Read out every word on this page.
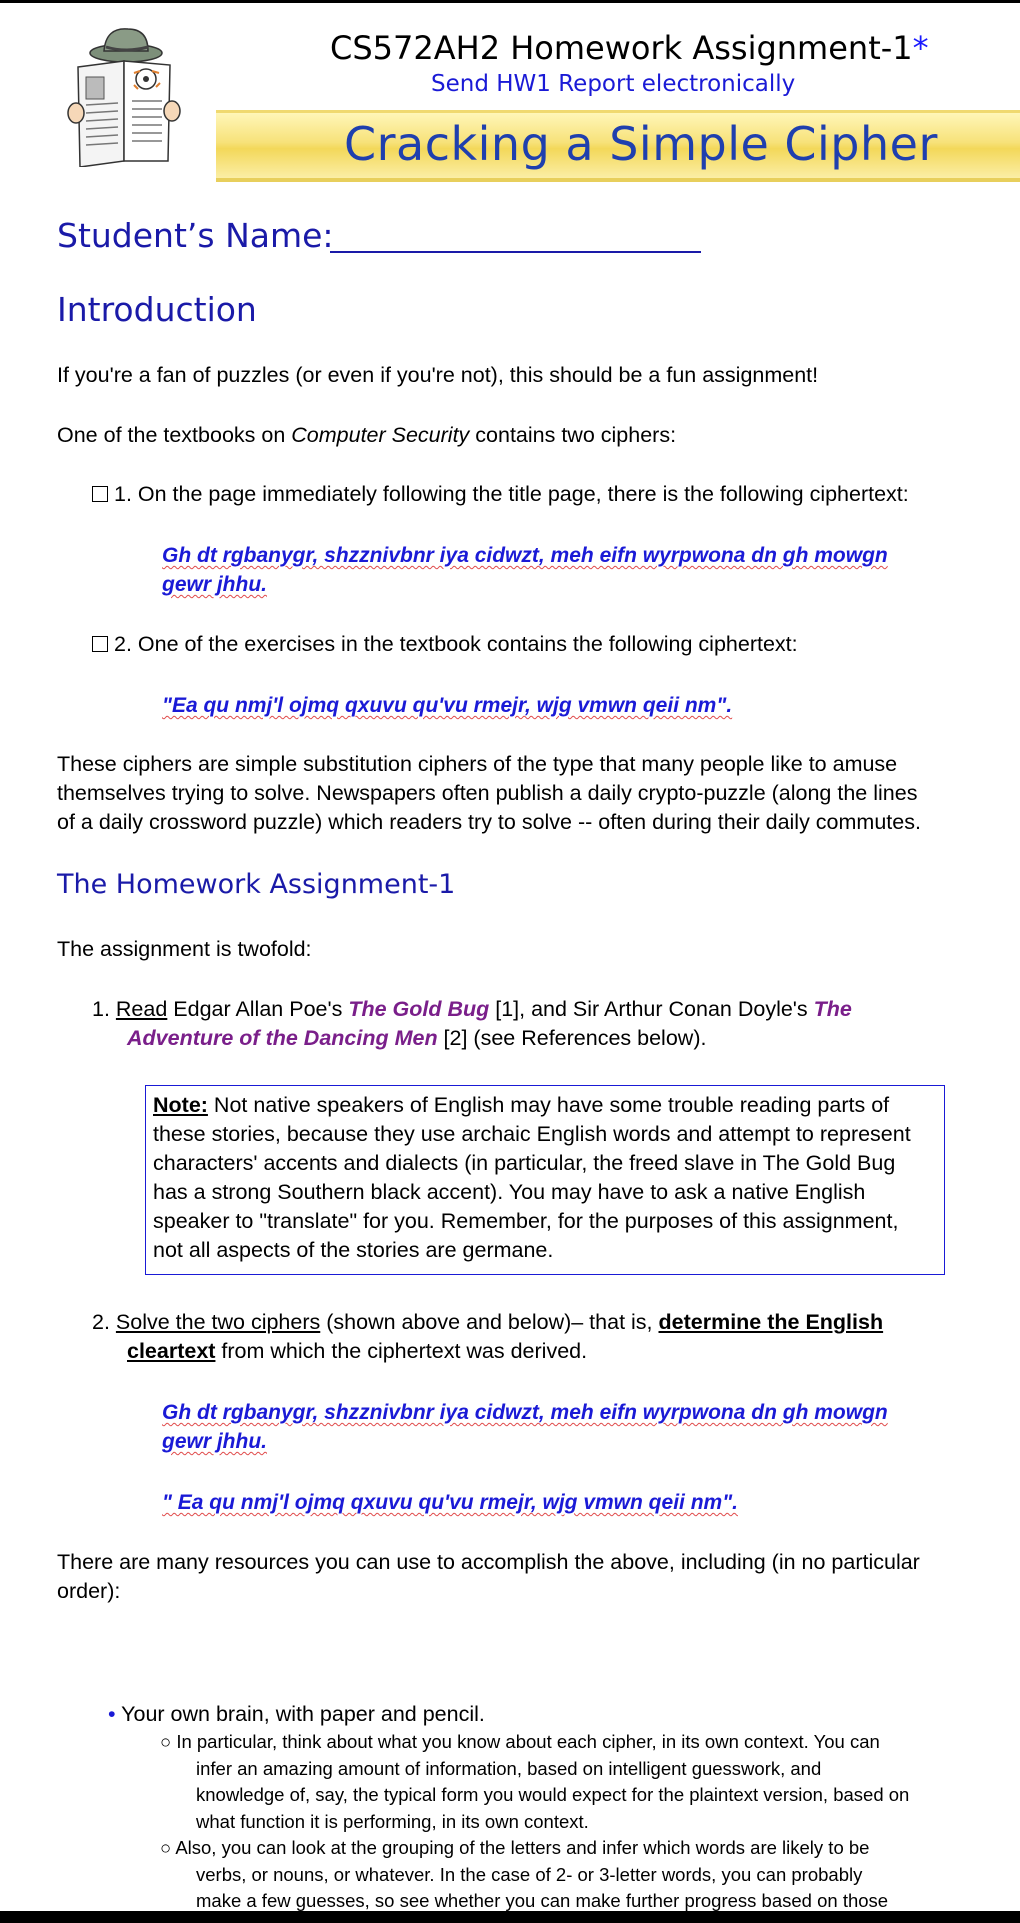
CS572AH2 Homework Assignment-1*
Send HW1 Report electronically
Cracking a Simple Cipher
Student’s Name:
Introduction
If you're a fan of puzzles (or even if you're not), this should be a fun assignment!
One of the textbooks on Computer Security contains two ciphers:
1. On the page immediately following the title page, there is the following ciphertext:
Gh dt rgbanygr, shzznivbnr iya cidwzt, meh eifn wyrpwona dn gh mowgn
gewr jhhu.
2. One of the exercises in the textbook contains the following ciphertext:
"Ea qu nmj'l ojmq qxuvu qu'vu rmejr, wjg vmwn qeii nm".
These ciphers are simple substitution ciphers of the type that many people like to amuse
themselves trying to solve. Newspapers often publish a daily crypto-puzzle (along the lines
of a daily crossword puzzle) which readers try to solve -- often during their daily commutes.
The Homework Assignment-1
The assignment is twofold:
1. Read Edgar Allan Poe's The Gold Bug [1], and Sir Arthur Conan Doyle's The
Adventure of the Dancing Men [2] (see References below).
Note: Not native speakers of English may have some trouble reading parts of
these stories, because they use archaic English words and attempt to represent
characters' accents and dialects (in particular, the freed slave in The Gold Bug
has a strong Southern black accent). You may have to ask a native English
speaker to "translate" for you. Remember, for the purposes of this assignment,
not all aspects of the stories are germane.
2. Solve the two ciphers (shown above and below)– that is, determine the English
cleartext from which the ciphertext was derived.
Gh dt rgbanygr, shzznivbnr iya cidwzt, meh eifn wyrpwona dn gh mowgn
gewr jhhu.
" Ea qu nmj'l ojmq qxuvu qu'vu rmejr, wjg vmwn qeii nm".
There are many resources you can use to accomplish the above, including (in no particular
order):
• Your own brain, with paper and pencil.
○ In particular, think about what you know about each cipher, in its own context. You can
infer an amazing amount of information, based on intelligent guesswork, and
knowledge of, say, the typical form you would expect for the plaintext version, based on
what function it is performing, in its own context.
○ Also, you can look at the grouping of the letters and infer which words are likely to be
verbs, or nouns, or whatever. In the case of 2- or 3-letter words, you can probably
make a few guesses, so see whether you can make further progress based on those
